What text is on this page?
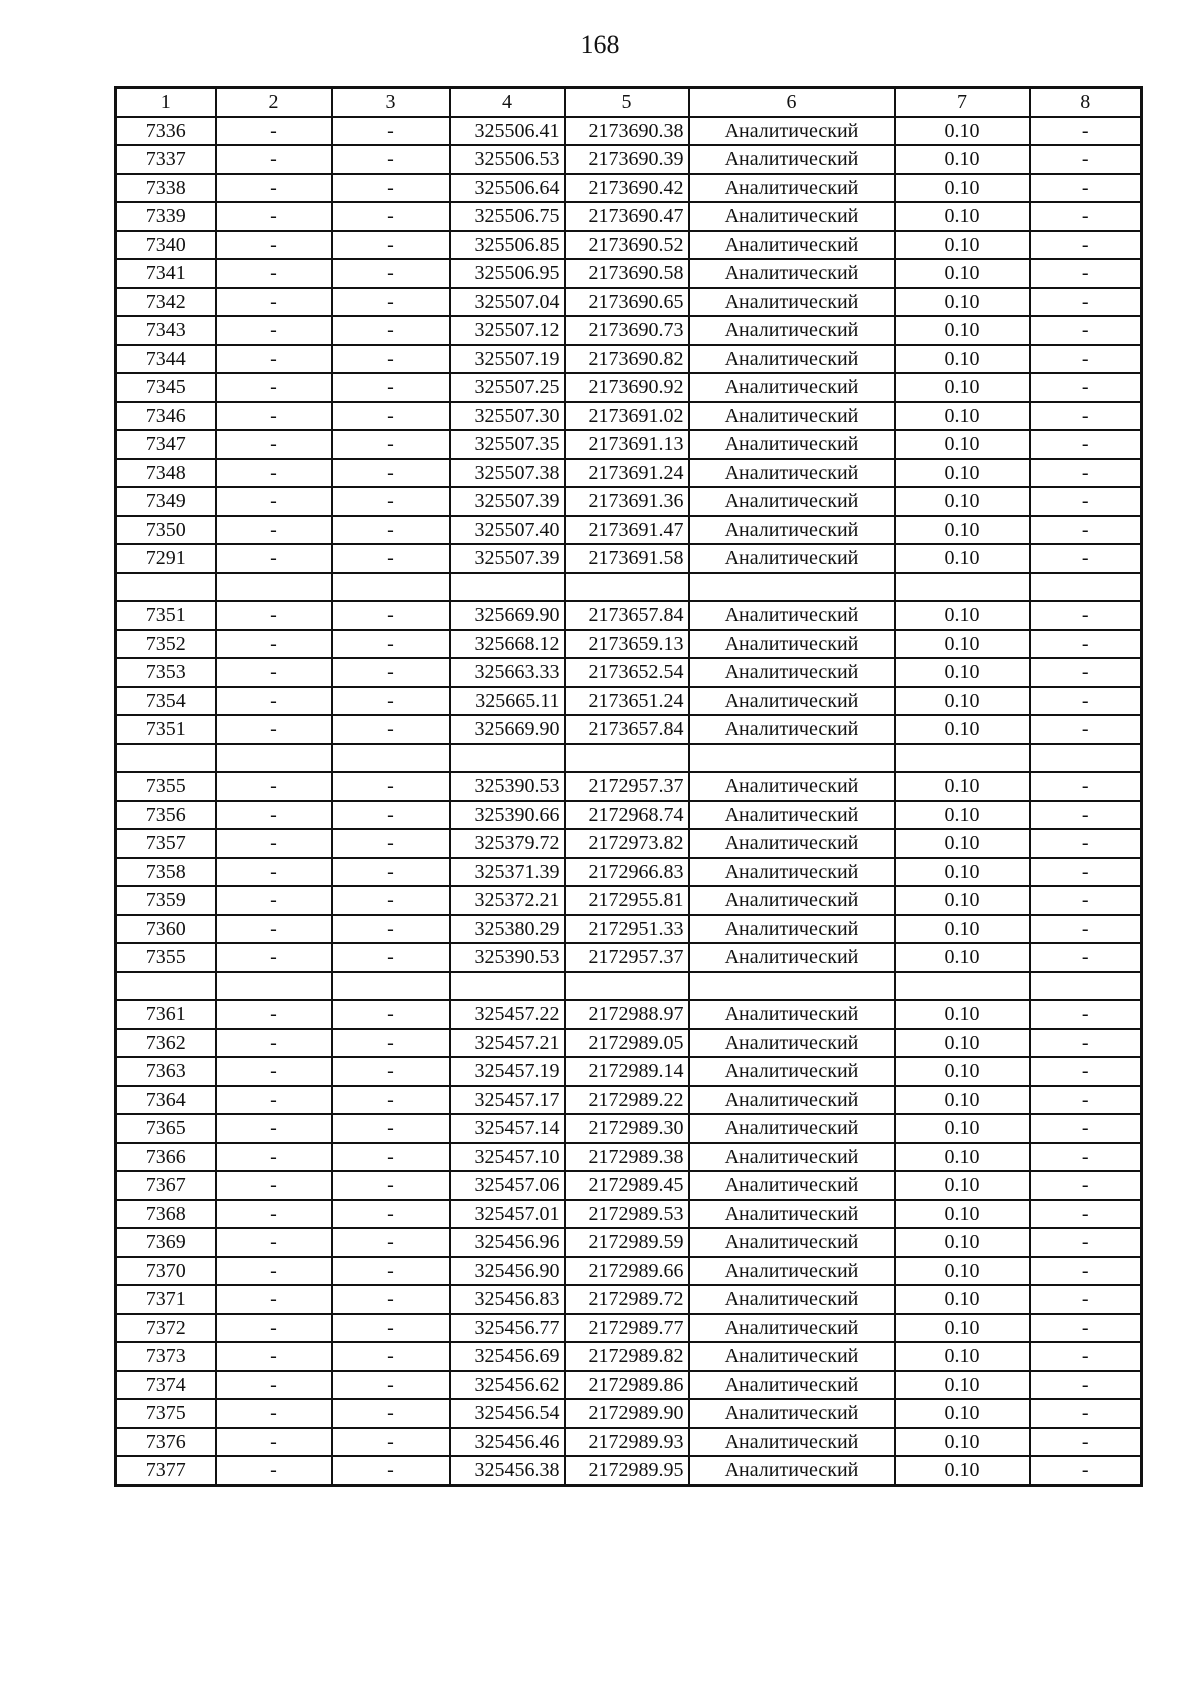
168
1	2	3	4	5	6	7	8
7336	-	-	325506.41	2173690.38	Аналитический	0.10	-
7337	-	-	325506.53	2173690.39	Аналитический	0.10	-
7338	-	-	325506.64	2173690.42	Аналитический	0.10	-
7339	-	-	325506.75	2173690.47	Аналитический	0.10	-
7340	-	-	325506.85	2173690.52	Аналитический	0.10	-
7341	-	-	325506.95	2173690.58	Аналитический	0.10	-
7342	-	-	325507.04	2173690.65	Аналитический	0.10	-
7343	-	-	325507.12	2173690.73	Аналитический	0.10	-
7344	-	-	325507.19	2173690.82	Аналитический	0.10	-
7345	-	-	325507.25	2173690.92	Аналитический	0.10	-
7346	-	-	325507.30	2173691.02	Аналитический	0.10	-
7347	-	-	325507.35	2173691.13	Аналитический	0.10	-
7348	-	-	325507.38	2173691.24	Аналитический	0.10	-
7349	-	-	325507.39	2173691.36	Аналитический	0.10	-
7350	-	-	325507.40	2173691.47	Аналитический	0.10	-
7291	-	-	325507.39	2173691.58	Аналитический	0.10	-

7351	-	-	325669.90	2173657.84	Аналитический	0.10	-
7352	-	-	325668.12	2173659.13	Аналитический	0.10	-
7353	-	-	325663.33	2173652.54	Аналитический	0.10	-
7354	-	-	325665.11	2173651.24	Аналитический	0.10	-
7351	-	-	325669.90	2173657.84	Аналитический	0.10	-

7355	-	-	325390.53	2172957.37	Аналитический	0.10	-
7356	-	-	325390.66	2172968.74	Аналитический	0.10	-
7357	-	-	325379.72	2172973.82	Аналитический	0.10	-
7358	-	-	325371.39	2172966.83	Аналитический	0.10	-
7359	-	-	325372.21	2172955.81	Аналитический	0.10	-
7360	-	-	325380.29	2172951.33	Аналитический	0.10	-
7355	-	-	325390.53	2172957.37	Аналитический	0.10	-

7361	-	-	325457.22	2172988.97	Аналитический	0.10	-
7362	-	-	325457.21	2172989.05	Аналитический	0.10	-
7363	-	-	325457.19	2172989.14	Аналитический	0.10	-
7364	-	-	325457.17	2172989.22	Аналитический	0.10	-
7365	-	-	325457.14	2172989.30	Аналитический	0.10	-
7366	-	-	325457.10	2172989.38	Аналитический	0.10	-
7367	-	-	325457.06	2172989.45	Аналитический	0.10	-
7368	-	-	325457.01	2172989.53	Аналитический	0.10	-
7369	-	-	325456.96	2172989.59	Аналитический	0.10	-
7370	-	-	325456.90	2172989.66	Аналитический	0.10	-
7371	-	-	325456.83	2172989.72	Аналитический	0.10	-
7372	-	-	325456.77	2172989.77	Аналитический	0.10	-
7373	-	-	325456.69	2172989.82	Аналитический	0.10	-
7374	-	-	325456.62	2172989.86	Аналитический	0.10	-
7375	-	-	325456.54	2172989.90	Аналитический	0.10	-
7376	-	-	325456.46	2172989.93	Аналитический	0.10	-
7377	-	-	325456.38	2172989.95	Аналитический	0.10	-
